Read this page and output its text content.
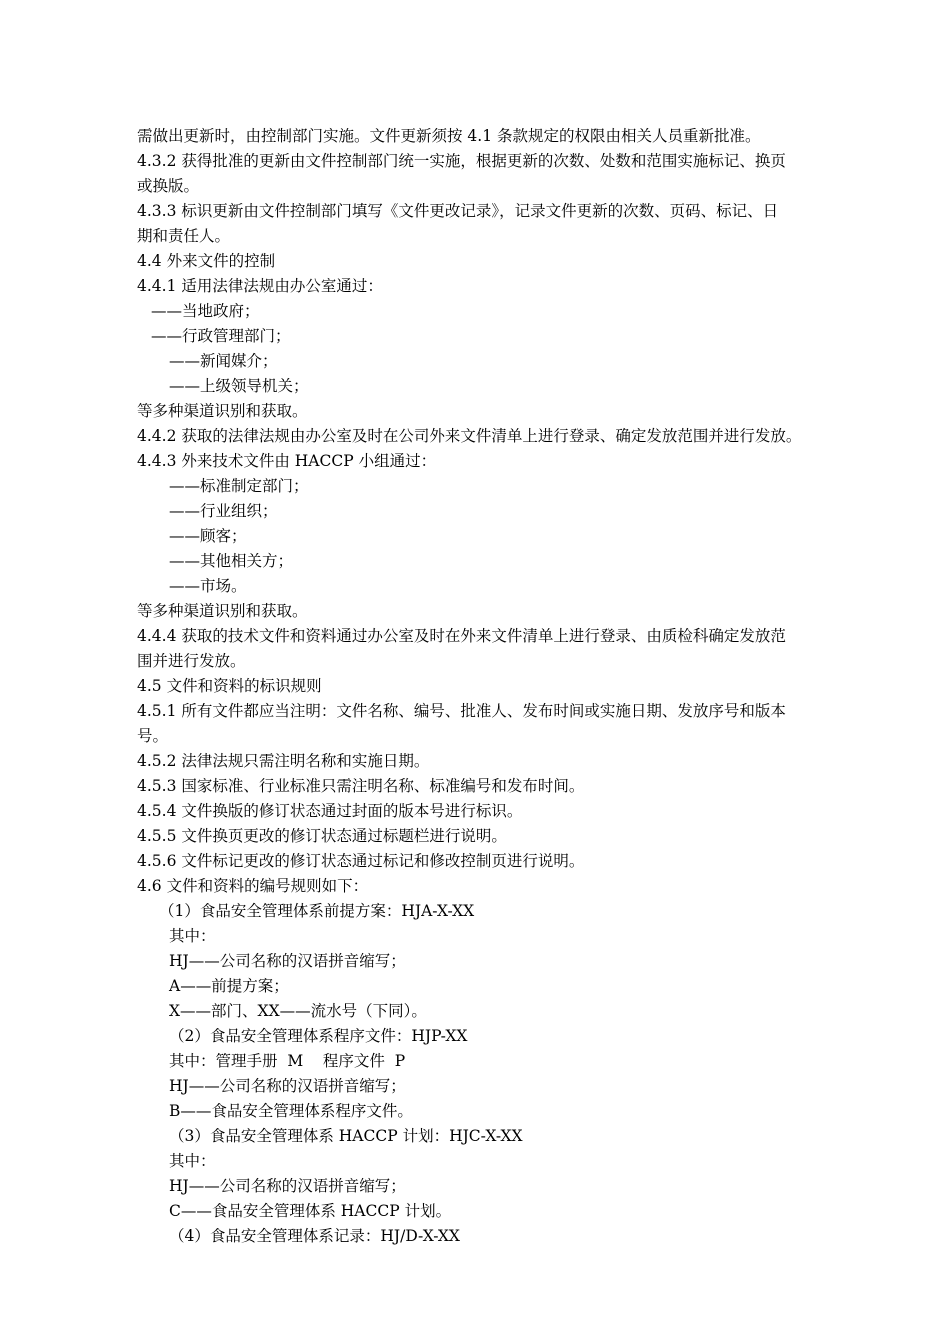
需做出更新时，由控制部门实施。文件更新须按 4.1 条款规定的权限由相关人员重新批准。
4.3.2 获得批准的更新由文件控制部门统一实施，根据更新的次数、处数和范围实施标记、换页
或换版。
4.3.3 标识更新由文件控制部门填写《文件更改记录》，记录文件更新的次数、页码、标记、日
期和责任人。
4.4 外来文件的控制
4.4.1 适用法律法规由办公室通过：
——当地政府；
——行政管理部门；
——新闻媒介；
——上级领导机关；
等多种渠道识别和获取。
4.4.2 获取的法律法规由办公室及时在公司外来文件清单上进行登录、确定发放范围并进行发放。
4.4.3 外来技术文件由 HACCP 小组通过：
——标准制定部门；
——行业组织；
——顾客；
——其他相关方；
——市场。
等多种渠道识别和获取。
4.4.4 获取的技术文件和资料通过办公室及时在外来文件清单上进行登录、由质检科确定发放范
围并进行发放。
4.5 文件和资料的标识规则
4.5.1 所有文件都应当注明：文件名称、编号、批准人、发布时间或实施日期、发放序号和版本
号。
4.5.2 法律法规只需注明名称和实施日期。
4.5.3 国家标准、行业标准只需注明名称、标准编号和发布时间。
4.5.4 文件换版的修订状态通过封面的版本号进行标识。
4.5.5 文件换页更改的修订状态通过标题栏进行说明。
4.5.6 文件标记更改的修订状态通过标记和修改控制页进行说明。
4.6 文件和资料的编号规则如下：
（1）食品安全管理体系前提方案：HJA-X-XX
其中：
HJ——公司名称的汉语拼音缩写；
A——前提方案；
X——部门、XX——流水号（下同）。
（2）食品安全管理体系程序文件：HJP-XX
其中：管理手册  M    程序文件  P
HJ——公司名称的汉语拼音缩写；
B——食品安全管理体系程序文件。
（3）食品安全管理体系 HACCP 计划：HJC-X-XX
其中：
HJ——公司名称的汉语拼音缩写；
C——食品安全管理体系 HACCP 计划。
（4）食品安全管理体系记录：HJ/D-X-XX
